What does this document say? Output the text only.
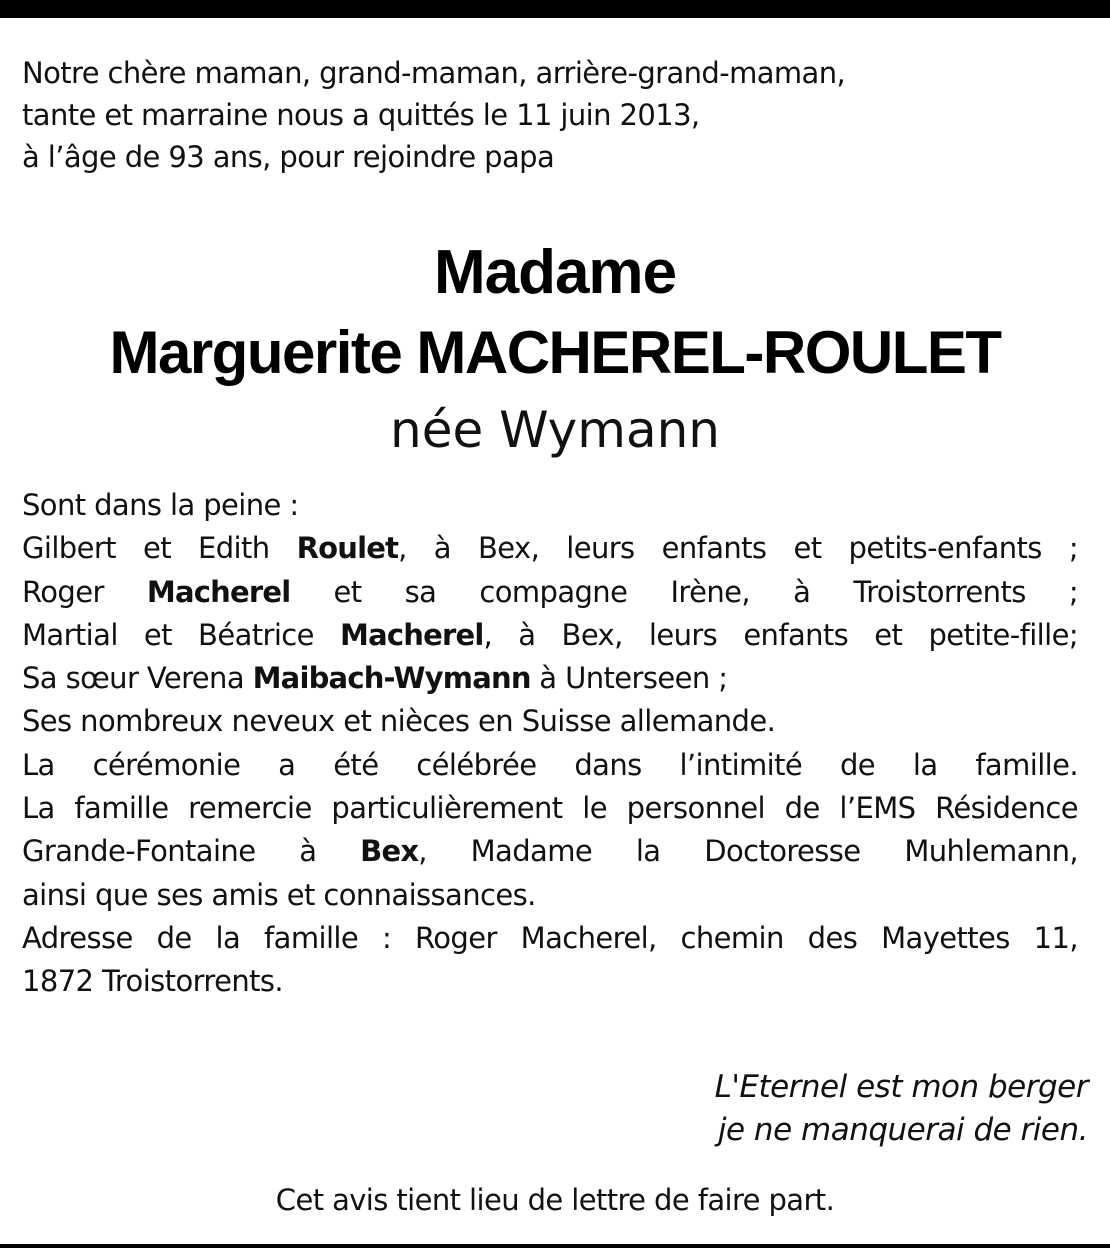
Notre chère maman, grand-maman, arrière-grand-maman,
tante et marraine nous a quittés le 11 juin 2013,
à l’âge de 93 ans, pour rejoindre papa
Madame
Marguerite MACHEREL-ROULET
née Wymann
Sont dans la peine :
Gilbert et Edith Roulet, à Bex, leurs enfants et petits-enfants ;
Roger Macherel et sa compagne Irène, à Troistorrents ;
Martial et Béatrice Macherel, à Bex, leurs enfants et petite-fille;
Sa sœur Verena Maibach-Wymann à Unterseen ;
Ses nombreux neveux et nièces en Suisse allemande.
La cérémonie a été célébrée dans l’intimité de la famille.
La famille remercie particulièrement le personnel de l’EMS Résidence
Grande-Fontaine à Bex, Madame la Doctoresse Muhlemann,
ainsi que ses amis et connaissances.
Adresse de la famille : Roger Macherel, chemin des Mayettes 11,
1872 Troistorrents.
L'Eternel est mon berger
je ne manquerai de rien.
Cet avis tient lieu de lettre de faire part.
